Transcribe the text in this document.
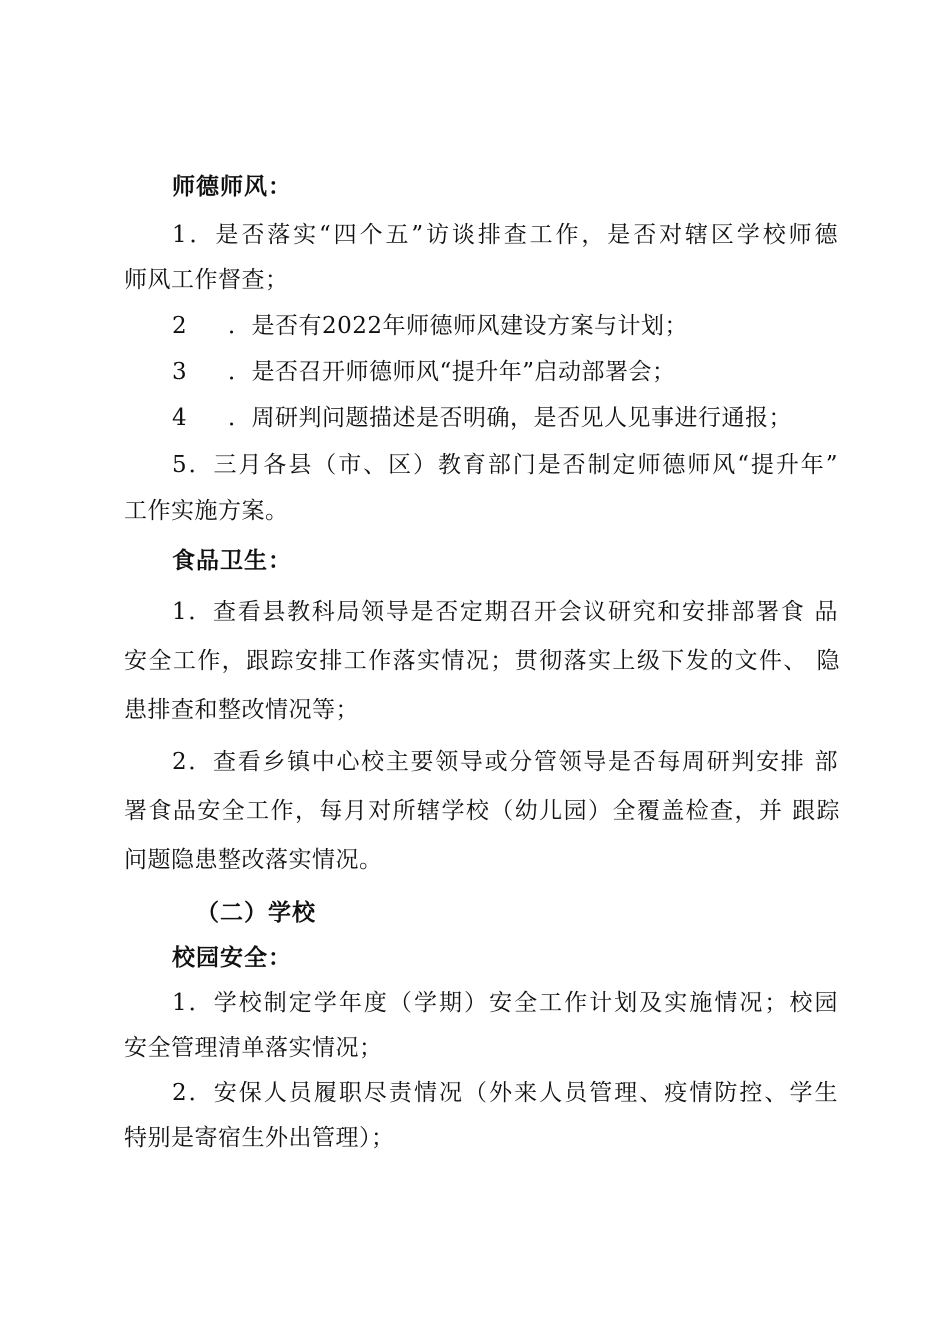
师德师风：
1．是否落实“四个五”访谈排查工作，是否对辖区学校师德
师风工作督查；
2 ．是否有2022年师德师风建设方案与计划；
3 ．是否召开师德师风“提升年”启动部署会；
4 ．周研判问题描述是否明确，是否见人见事进行通报；
5．三月各县（市、区）教育部门是否制定师德师风“提升年”
工作实施方案。
食品卫生：
1．查看县教科局领导是否定期召开会议研究和安排部署食 品
安全工作，跟踪安排工作落实情况；贯彻落实上级下发的文件、 隐
患排查和整改情况等；
2．查看乡镇中心校主要领导或分管领导是否每周研判安排 部
署食品安全工作，每月对所辖学校（幼儿园）全覆盖检查，并 跟踪
问题隐患整改落实情况。
（二）学校
校园安全：
1．学校制定学年度（学期）安全工作计划及实施情况；校园
安全管理清单落实情况；
2．安保人员履职尽责情况（外来人员管理、疫情防控、学生
特别是寄宿生外出管理）；
